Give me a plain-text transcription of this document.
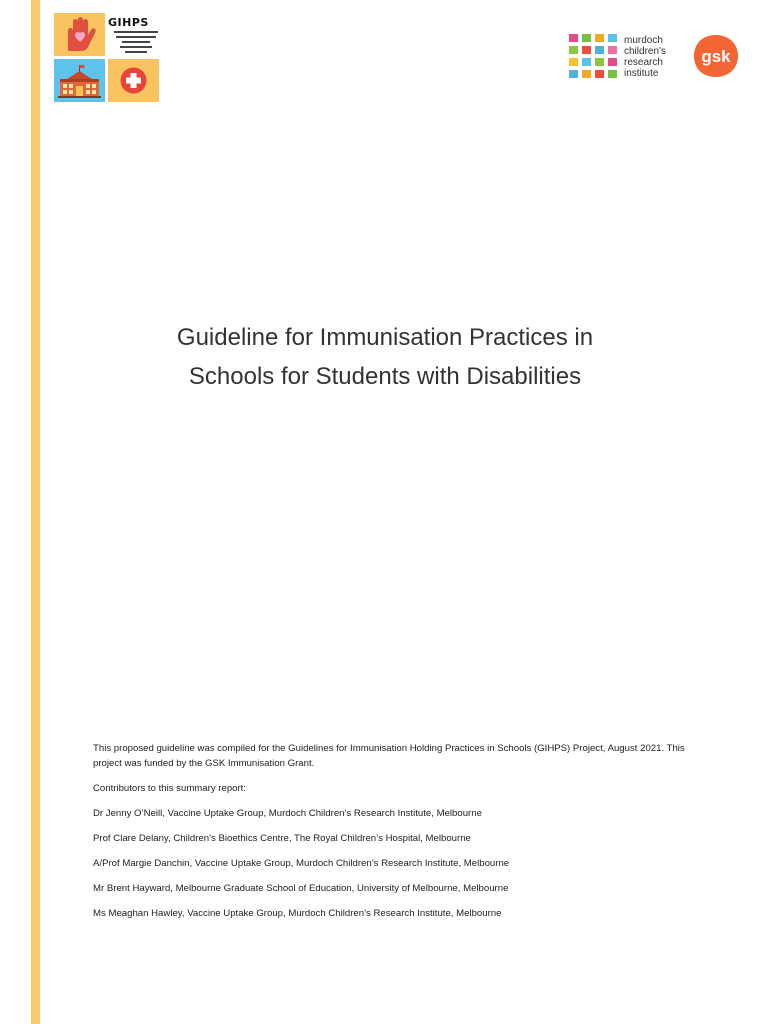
GIHPS
murdoch
children's
research
institute
gsk
Guideline for Immunisation Practices in
Schools for Students with Disabilities

This proposed guideline was compiled for the Guidelines for Immunisation Holding Practices in Schools (GIHPS) Project, August 2021. This project was funded by the GSK Immunisation Grant.

Contributors to this summary report:

Dr Jenny O’Neill, Vaccine Uptake Group, Murdoch Children’s Research Institute, Melbourne

Prof Clare Delany, Children’s Bioethics Centre, The Royal Children’s Hospital, Melbourne

A/Prof Margie Danchin, Vaccine Uptake Group, Murdoch Children’s Research Institute, Melbourne

Mr Brent Hayward, Melbourne Graduate School of Education, University of Melbourne, Melbourne

Ms Meaghan Hawley, Vaccine Uptake Group, Murdoch Children’s Research Institute, Melbourne
